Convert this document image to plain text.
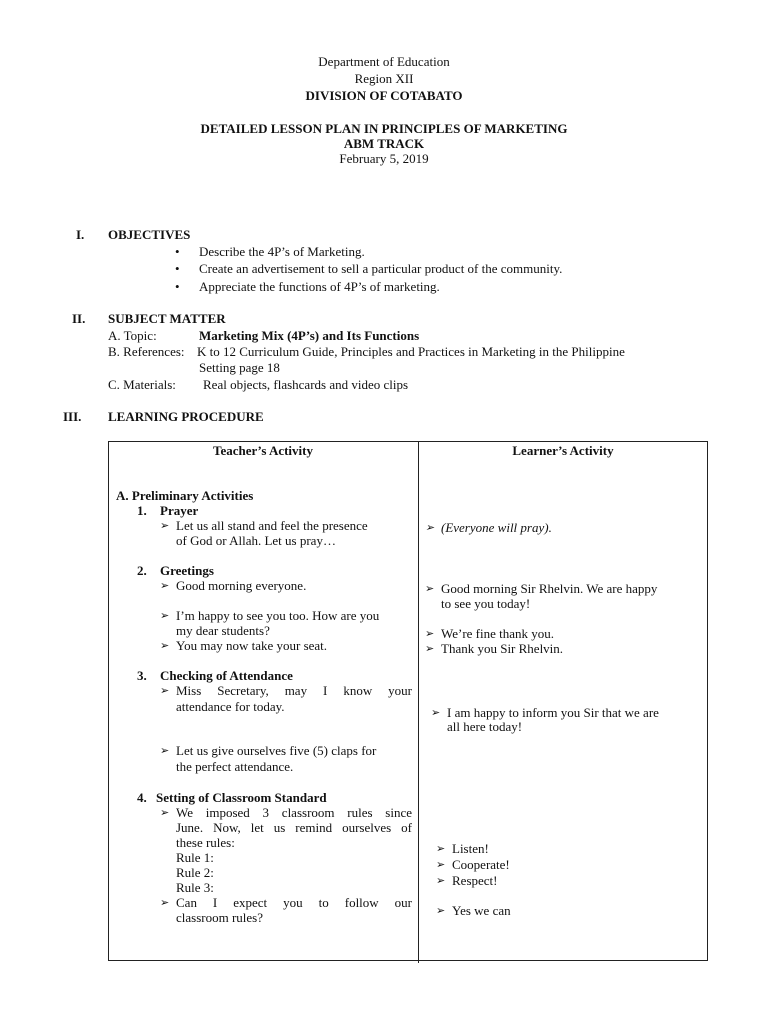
Department of Education
Region XII
DIVISION OF COTABATO
DETAILED LESSON PLAN IN PRINCIPLES OF MARKETING
ABM TRACK
February 5, 2019
I. OBJECTIVES
• Describe the 4P’s of Marketing.
• Create an advertisement to sell a particular product of the community.
• Appreciate the functions of 4P’s of marketing.
II. SUBJECT MATTER
A. Topic:	Marketing Mix (4P’s) and Its Functions
B. References: K to 12 Curriculum Guide, Principles and Practices in Marketing in the Philippine
Setting page 18
C. Materials: Real objects, flashcards and video clips
III. LEARNING PROCEDURE
Teacher’s Activity	Learner’s Activity
A. Preliminary Activities
1. Prayer
➢ Let us all stand and feel the presence
of God or Allah. Let us pray…
➢ (Everyone will pray).
2. Greetings
➢ Good morning everyone.
➢ I’m happy to see you too. How are you
my dear students?
➢ You may now take your seat.
➢ Good morning Sir Rhelvin. We are happy
to see you today!
➢ We’re fine thank you.
➢ Thank you Sir Rhelvin.
3. Checking of Attendance
➢ Miss Secretary, may I know your
attendance for today.
➢ Let us give ourselves five (5) claps for
the perfect attendance.
➢ I am happy to inform you Sir that we are
all here today!
4. Setting of Classroom Standard
➢ We imposed 3 classroom rules since
June. Now, let us remind ourselves of
these rules:
Rule 1:
Rule 2:
Rule 3:
➢ Can I expect you to follow our
classroom rules?
➢ Listen!
➢ Cooperate!
➢ Respect!
➢ Yes we can
